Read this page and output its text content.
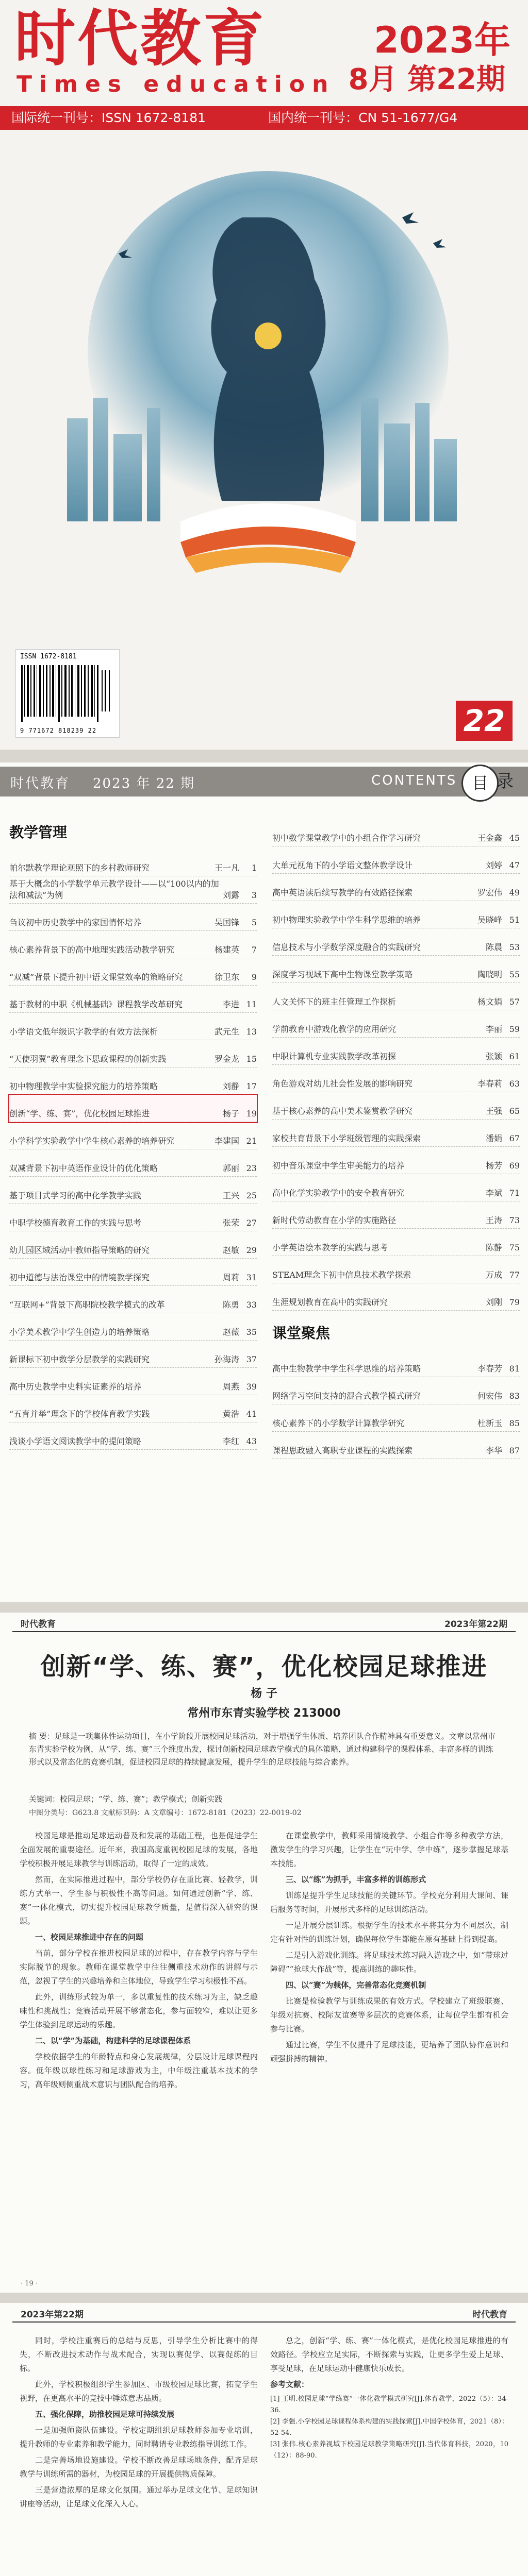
时代教育
Times education
2023年
8月 第22期
国际统一刊号：ISSN 1672-8181	国内统一刊号：CN 51-1677/G4
ISSN 1672-8181
9 771672 818239 22	22
时代教育 2023 年 22 期	CONTENTS 目 录
教学管理
帕尔默教学理论观照下的乡村教师研究	王一凡	1
基于大概念的小学数学单元教学设计——以“100以内的加法和减法”为例	刘露	3
刍议初中历史教学中的家国情怀培养	吴国锋	5
核心素养背景下的高中地理实践活动教学研究	杨建英	7
“双减”背景下提升初中语文课堂效率的策略研究	徐卫东	9
基于教材的中职《机械基础》课程教学改革研究	李进 11
小学语文低年级识字教学的有效方法探析	武元生 13
“天使羽翼”教育理念下思政课程的创新实践	罗金龙 15
初中物理教学中实验探究能力的培养策略	刘静 17
创新“学、练、赛”，优化校园足球推进	杨子 19
小学科学实验教学中学生核心素养的培养研究	李建国 21
双减背景下初中英语作业设计的优化策略	郭丽 23
基于项目式学习的高中化学教学实践	王兴 25
中职学校德育教育工作的实践与思考	张荣 27
幼儿园区域活动中教师指导策略的研究	赵敏 29
初中道德与法治课堂中的情境教学探究	周莉 31
“互联网+”背景下高职院校教学模式的改革	陈勇 33
小学美术教学中学生创造力的培养策略	赵薇 35
新课标下初中数学分层教学的实践研究	孙海涛 37
高中历史教学中史料实证素养的培养	周燕 39
“五育并举”理念下的学校体育教学实践	黄浩 41
浅谈小学语文阅读教学中的提问策略	李红 43
初中数学课堂教学中的小组合作学习研究	王金鑫 45
大单元视角下的小学语文整体教学设计	刘婷 47
高中英语读后续写教学的有效路径探索	罗宏伟 49
初中物理实验教学中学生科学思维的培养	吴晓峰 51
信息技术与小学数学深度融合的实践研究	陈晨 53
深度学习视域下高中生物课堂教学策略	陶晓明 55
人文关怀下的班主任管理工作探析	杨文娟 57
学前教育中游戏化教学的应用研究	李丽 59
中职计算机专业实践教学改革初探	张颖 61
角色游戏对幼儿社会性发展的影响研究	李春莉 63
基于核心素养的高中美术鉴赏教学研究	王强 65
家校共育背景下小学班级管理的实践探索	潘娟 67
初中音乐课堂中学生审美能力的培养	杨芳 69
高中化学实验教学中的安全教育研究	李斌 71
新时代劳动教育在小学的实施路径	王涛 73
小学英语绘本教学的实践与思考	陈静 75
STEAM理念下初中信息技术教学探索	万成 77
生涯规划教育在高中的实践研究	刘刚 79
课堂聚焦
高中生物教学中学生科学思维的培养策略	李春芳 81
网络学习空间支持的混合式教学模式研究	何宏伟 83
核心素养下的小学数学计算教学研究	杜新玉 85
课程思政融入高职专业课程的实践探索	李华 87
时代教育	2023年第22期
创新“学、练、赛”，优化校园足球推进
杨 子
常州市东青实验学校 213000
摘 要：足球是一项集体性运动项目，在小学阶段开展校园足球活动，对于增强学生体质、培养团队合作精神具有重要意义。文章以常州市东青实验学校为例，从“学、练、赛”三个维度出发，探讨创新校园足球教学模式的具体策略，通过构建科学的课程体系、丰富多样的训练形式以及常态化的竞赛机制，促进校园足球的持续健康发展，提升学生的足球技能与综合素养。
关键词：校园足球；“学、练、赛”；教学模式；创新实践
中图分类号：G623.8 文献标识码：A 文章编号：1672-8181（2023）22-0019-02

校园足球是推动足球运动普及和发展的基础工程，也是促进学生全面发展的重要途径。近年来，我国高度重视校园足球的发展，各地学校积极开展足球教学与训练活动，取得了一定的成效。

然而，在实际推进过程中，部分学校仍存在重比赛、轻教学，训练方式单一、学生参与积极性不高等问题。如何通过创新“学、练、赛”一体化模式，切实提升校园足球教学质量，是值得深入研究的课题。

一、校园足球推进中存在的问题

当前，部分学校在推进校园足球的过程中，存在教学内容与学生实际脱节的现象。教师在课堂教学中往往侧重技术动作的讲解与示范，忽视了学生的兴趣培养和主体地位，导致学生学习积极性不高。

此外，训练形式较为单一，多以重复性的技术练习为主，缺乏趣味性和挑战性；竞赛活动开展不够常态化，参与面较窄，难以让更多学生体验到足球运动的乐趣。

二、以“学”为基础，构建科学的足球课程体系

学校依据学生的年龄特点和身心发展规律，分层设计足球课程内容。低年级以球性练习和足球游戏为主，中年级注重基本技术的学习，高年级则侧重战术意识与团队配合的培养。

在课堂教学中，教师采用情境教学、小组合作等多种教学方法，激发学生的学习兴趣，让学生在“玩中学、学中练”，逐步掌握足球基本技能。

三、以“练”为抓手，丰富多样的训练形式

训练是提升学生足球技能的关键环节。学校充分利用大课间、课后服务等时间，开展形式多样的足球训练活动。

一是开展分层训练。根据学生的技术水平将其分为不同层次，制定有针对性的训练计划，确保每位学生都能在原有基础上得到提高。

二是引入游戏化训练。将足球技术练习融入游戏之中，如“带球过障碍”“抢球大作战”等，提高训练的趣味性。

四、以“赛”为载体，完善常态化竞赛机制

比赛是检验教学与训练成果的有效方式。学校建立了班级联赛、年级对抗赛、校际友谊赛等多层次的竞赛体系，让每位学生都有机会参与比赛。

通过比赛，学生不仅提升了足球技能，更培养了团队协作意识和顽强拼搏的精神。

· 19 ·
2023年第22期	时代教育

同时，学校注重赛后的总结与反思，引导学生分析比赛中的得失，不断改进技术动作与战术配合，实现以赛促学、以赛促练的目标。

此外，学校积极组织学生参加区、市级校园足球比赛，拓宽学生视野，在更高水平的竞技中锤炼意志品质。

五、强化保障，助推校园足球可持续发展

一是加强师资队伍建设。学校定期组织足球教师参加专业培训，提升教师的专业素养和教学能力，同时聘请专业教练指导训练工作。

二是完善场地设施建设。学校不断改善足球场地条件，配齐足球教学与训练所需的器材，为校园足球的开展提供物质保障。

三是营造浓厚的足球文化氛围。通过举办足球文化节、足球知识讲座等活动，让足球文化深入人心。

总之，创新“学、练、赛”一体化模式，是优化校园足球推进的有效路径。学校应立足实际，不断探索与实践，让更多学生爱上足球、享受足球，在足球运动中健康快乐成长。

参考文献：
[1] 王明.校园足球“学练赛”一体化教学模式研究[J].体育教学，2022（5）：34-36.
[2] 李强.小学校园足球课程体系构建的实践探索[J].中国学校体育，2021（8）：52-54.
[3] 张伟.核心素养视域下校园足球教学策略研究[J].当代体育科技，2020，10（12）：88-90.
